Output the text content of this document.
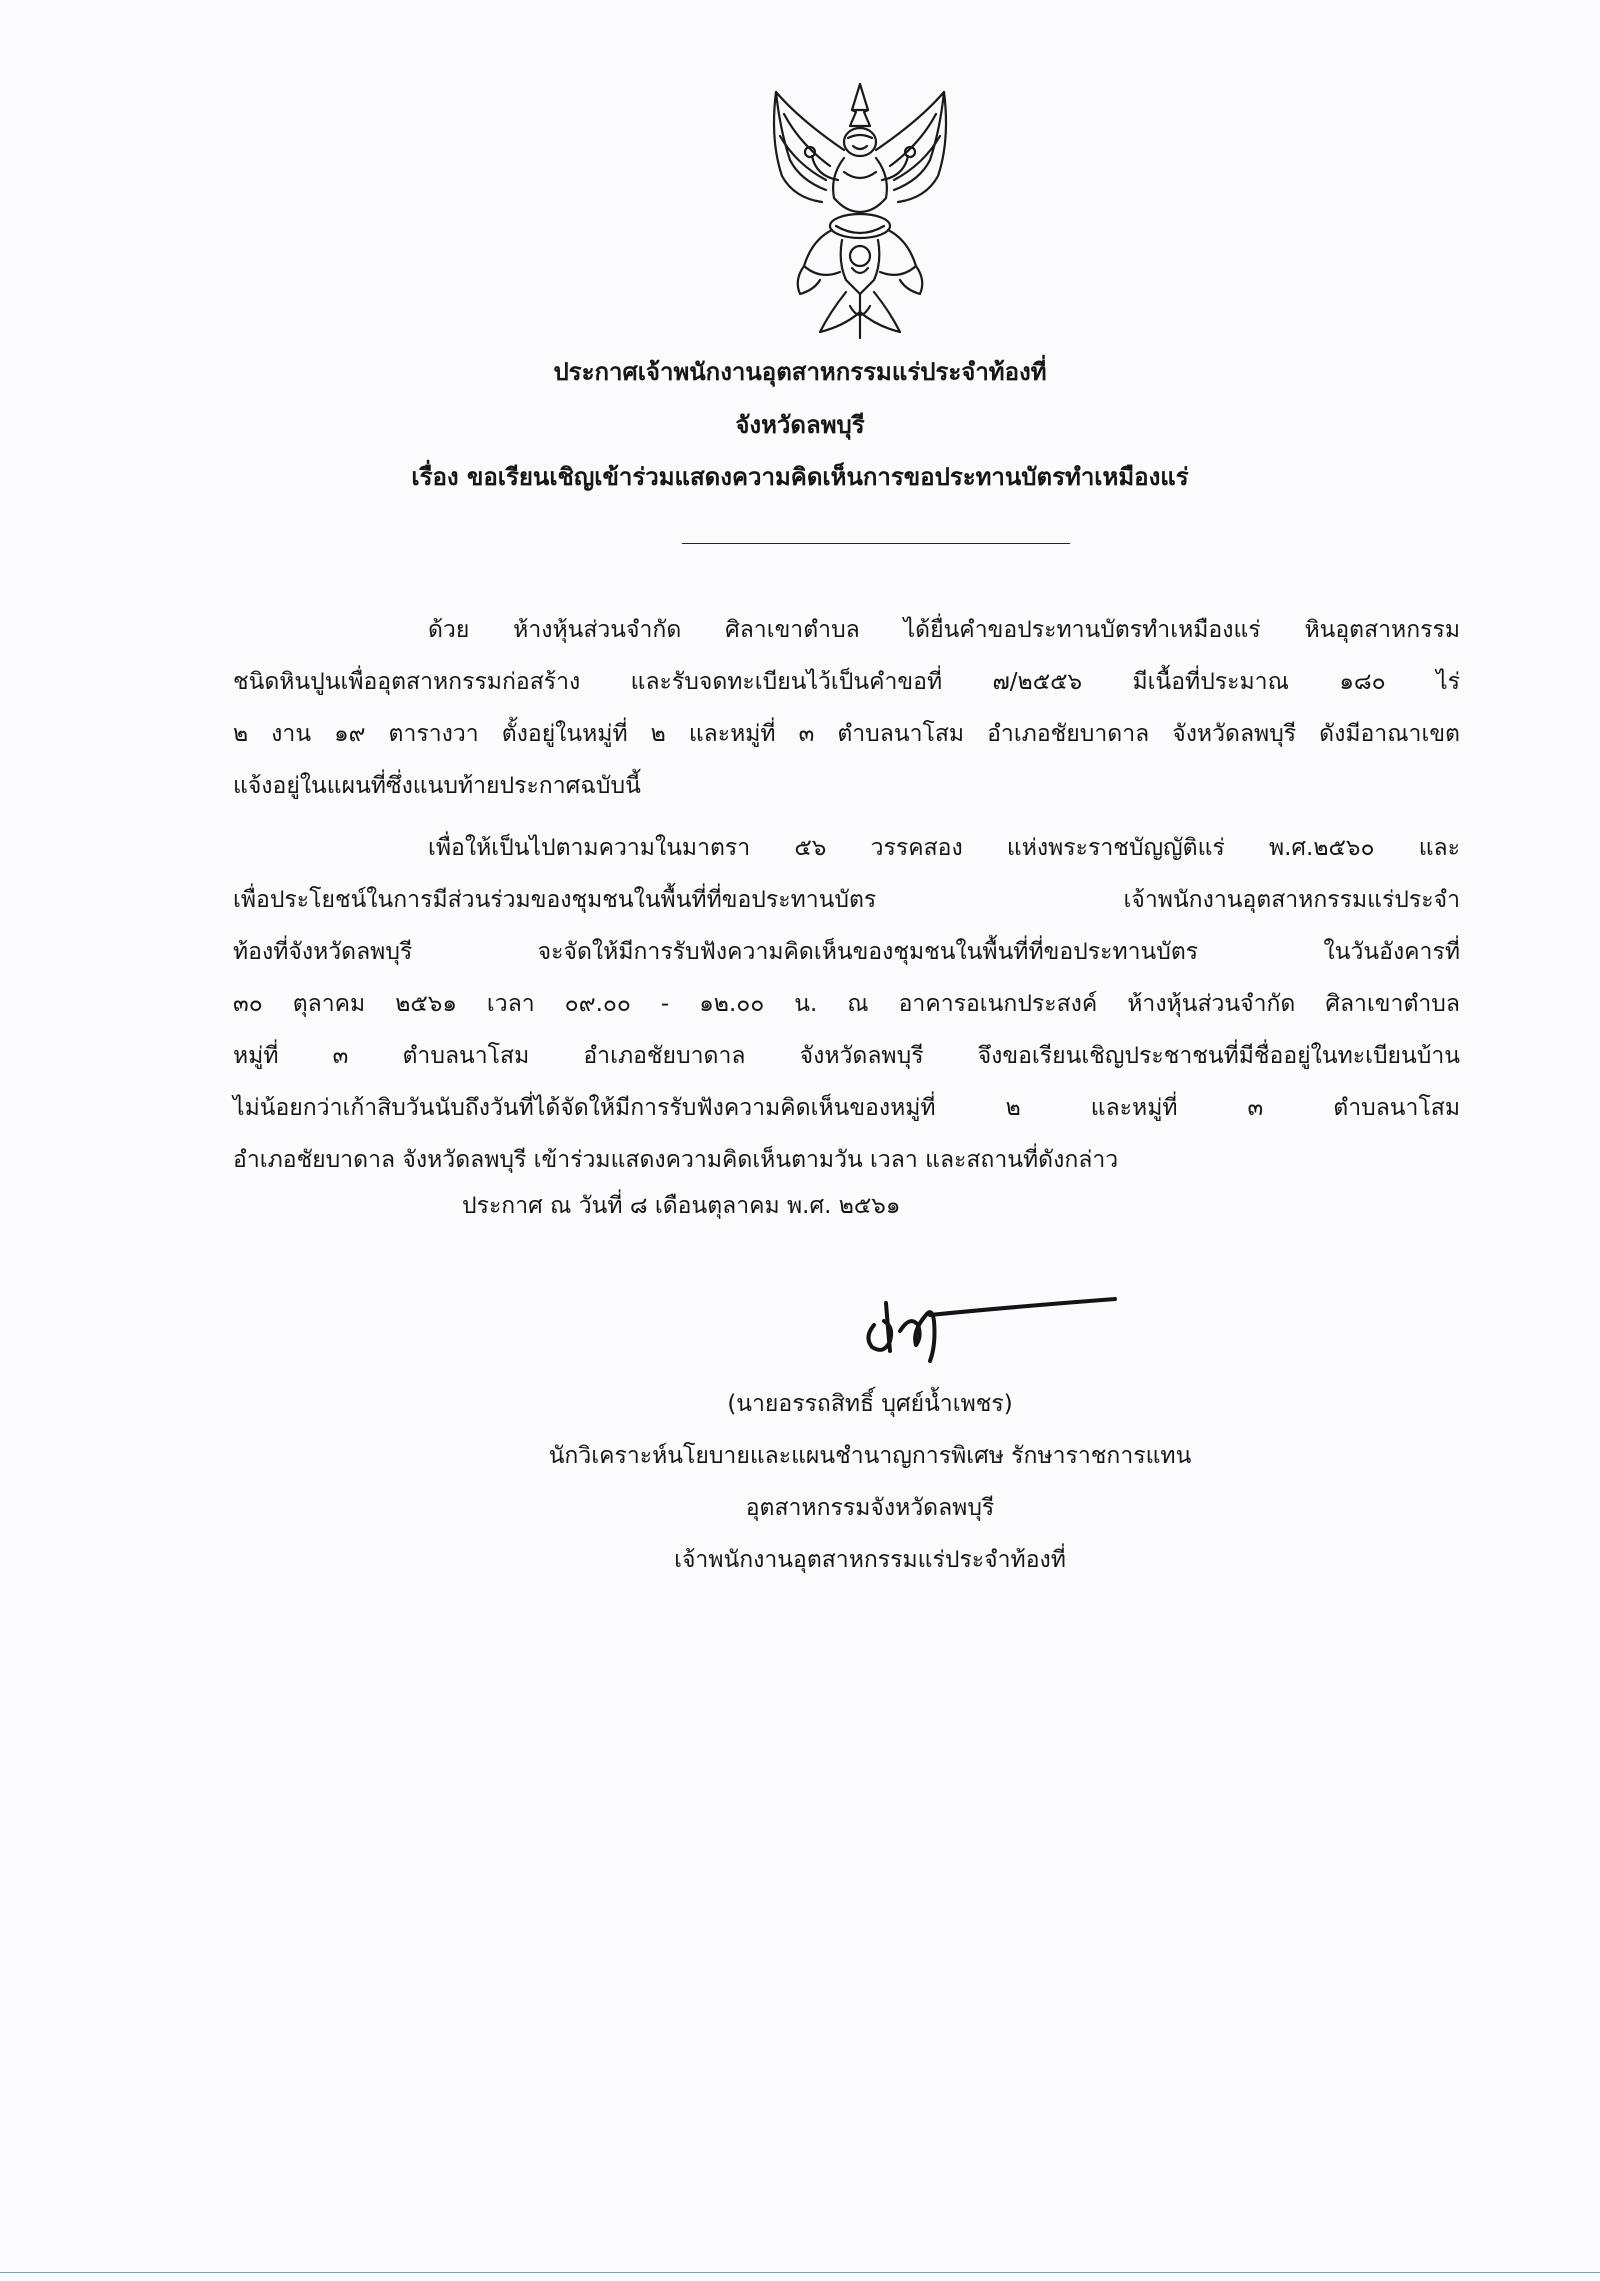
ประกาศเจ้าพนักงานอุตสาหกรรมแร่ประจำท้องที่
จังหวัดลพบุรี
เรื่อง ขอเรียนเชิญเข้าร่วมแสดงความคิดเห็นการขอประทานบัตรทำเหมืองแร่
ด้วย ห้างหุ้นส่วนจำกัด ศิลาเขาตำบล ได้ยื่นคำขอประทานบัตรทำเหมืองแร่ หินอุตสาหกรรม
ชนิดหินปูนเพื่ออุตสาหกรรมก่อสร้าง และรับจดทะเบียนไว้เป็นคำขอที่ ๗/๒๕๕๖ มีเนื้อที่ประมาณ ๑๘๐ ไร่
๒ งาน ๑๙ ตารางวา ตั้งอยู่ในหมู่ที่ ๒ และหมู่ที่ ๓ ตำบลนาโสม อำเภอชัยบาดาล จังหวัดลพบุรี ดังมีอาณาเขต
แจ้งอยู่ในแผนที่ซึ่งแนบท้ายประกาศฉบับนี้
เพื่อให้เป็นไปตามความในมาตรา ๕๖ วรรคสอง แห่งพระราชบัญญัติแร่ พ.ศ.๒๕๖๐ และ
เพื่อประโยชน์ในการมีส่วนร่วมของชุมชนในพื้นที่ที่ขอประทานบัตร เจ้าพนักงานอุตสาหกรรมแร่ประจำ
ท้องที่จังหวัดลพบุรี จะจัดให้มีการรับฟังความคิดเห็นของชุมชนในพื้นที่ที่ขอประทานบัตร ในวันอังคารที่
๓๐ ตุลาคม ๒๕๖๑ เวลา ๐๙.๐๐ - ๑๒.๐๐ น. ณ อาคารอเนกประสงค์ ห้างหุ้นส่วนจำกัด ศิลาเขาตำบล
หมู่ที่ ๓ ตำบลนาโสม อำเภอชัยบาดาล จังหวัดลพบุรี จึงขอเรียนเชิญประชาชนที่มีชื่ออยู่ในทะเบียนบ้าน
ไม่น้อยกว่าเก้าสิบวันนับถึงวันที่ได้จัดให้มีการรับฟังความคิดเห็นของหมู่ที่ ๒ และหมู่ที่ ๓ ตำบลนาโสม
อำเภอชัยบาดาล จังหวัดลพบุรี เข้าร่วมแสดงความคิดเห็นตามวัน เวลา และสถานที่ดังกล่าว
ประกาศ ณ วันที่ ๘ เดือนตุลาคม พ.ศ. ๒๕๖๑
(นายอรรถสิทธิ์ บุศย์น้ำเพชร)
นักวิเคราะห์นโยบายและแผนชำนาญการพิเศษ รักษาราชการแทน
อุตสาหกรรมจังหวัดลพบุรี
เจ้าพนักงานอุตสาหกรรมแร่ประจำท้องที่
